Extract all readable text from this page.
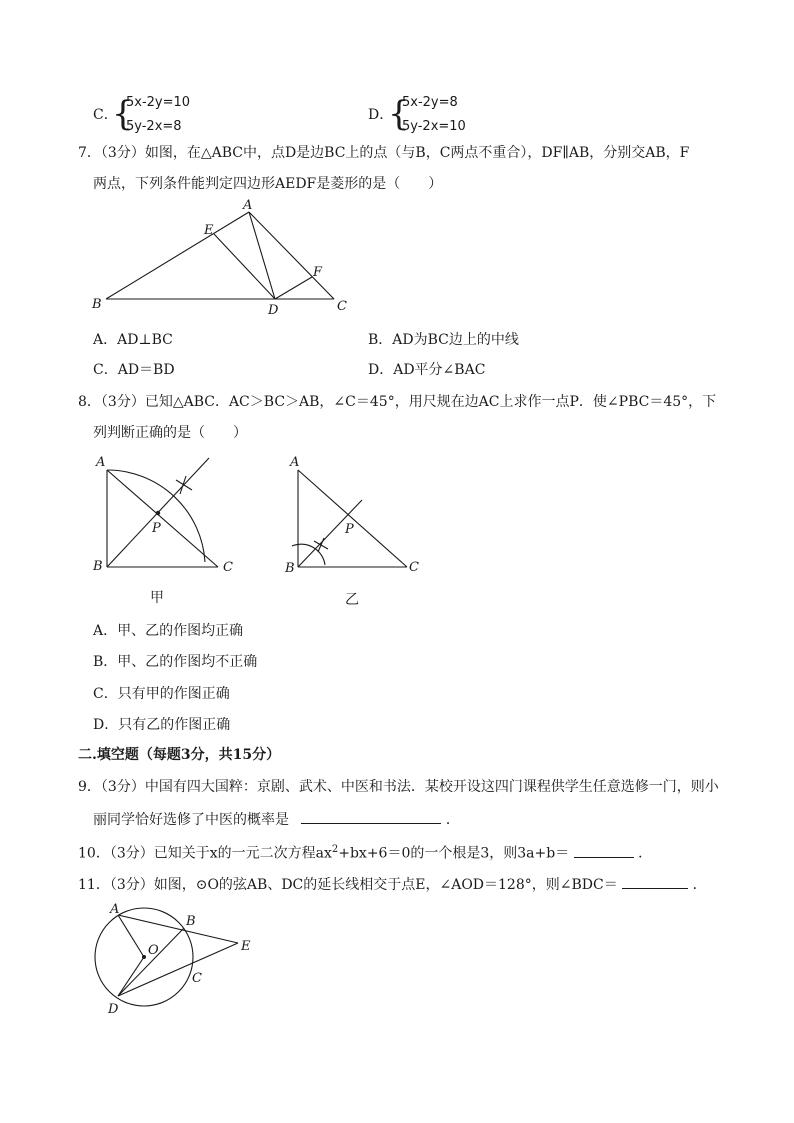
C．
{
5x-2y=10
5y-2x=8
D．
{
5x-2y=8
5y-2x=10
7．（3分）如图，在△ABC中，点D是边BC上的点（与B，C两点不重合），DF∥AB，分别交AB，F
两点，下列条件能判定四边形AEDF是菱形的是（　　）
A
E
F
B	D	C
A．AD⊥BC	B．AD为BC边上的中线
C．AD＝BD	D．AD平分∠BAC
8．（3分）已知△ABC．AC＞BC＞AB，∠C＝45°，用尺规在边AC上求作一点P．使∠PBC＝45°，下
列判断正确的是（　　）
A
B	C
P
甲
A
B	C
P
乙
A．甲、乙的作图均正确
B．甲、乙的作图均不正确
C．只有甲的作图正确
D．只有乙的作图正确
二.填空题（每题3分，共15分）
9．（3分）中国有四大国粹：京剧、武术、中医和书法．某校开设这四门课程供学生任意选修一门，则小
丽同学恰好选修了中医的概率是	．
10．（3分）已知关于x的一元二次方程$ax^2+bx+6=0$的一个根是3，则3a+b＝	．
11．（3分）如图，⊙O的弦AB、DC的延长线相交于点E，∠AOD＝128°，则∠BDC＝	．
A
B
O	E
C
D
